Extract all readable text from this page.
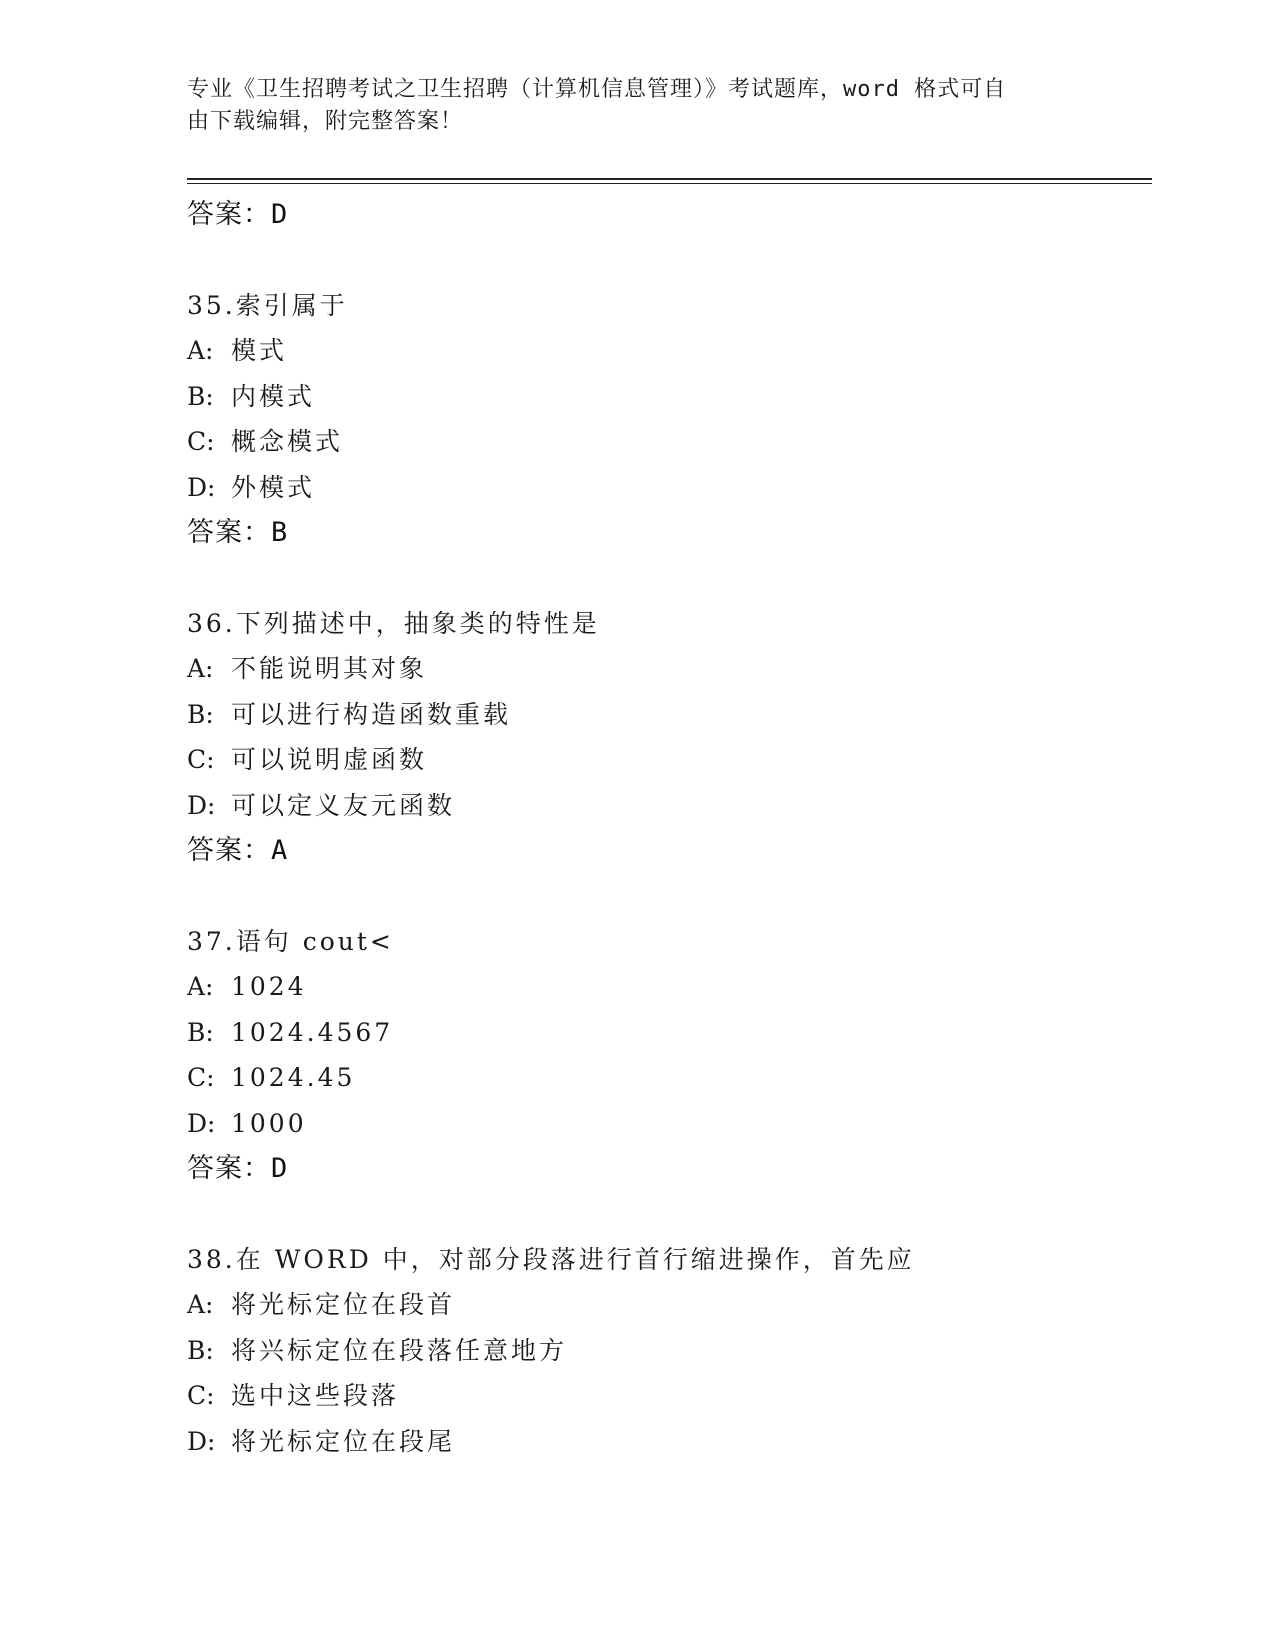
专业《卫生招聘考试之卫生招聘（计算机信息管理）》考试题库，word 格式可自
由下载编辑，附完整答案！
答案：D
35.索引属于
A: 模式
B: 内模式
C: 概念模式
D: 外模式
答案：B
36.下列描述中，抽象类的特性是
A: 不能说明其对象
B: 可以进行构造函数重载
C: 可以说明虚函数
D: 可以定义友元函数
答案：A
37.语句 cout<
A: 1024
B: 1024.4567
C: 1024.45
D: 1000
答案：D
38.在 WORD 中，对部分段落进行首行缩进操作，首先应
A: 将光标定位在段首
B: 将兴标定位在段落任意地方
C: 选中这些段落
D: 将光标定位在段尾
